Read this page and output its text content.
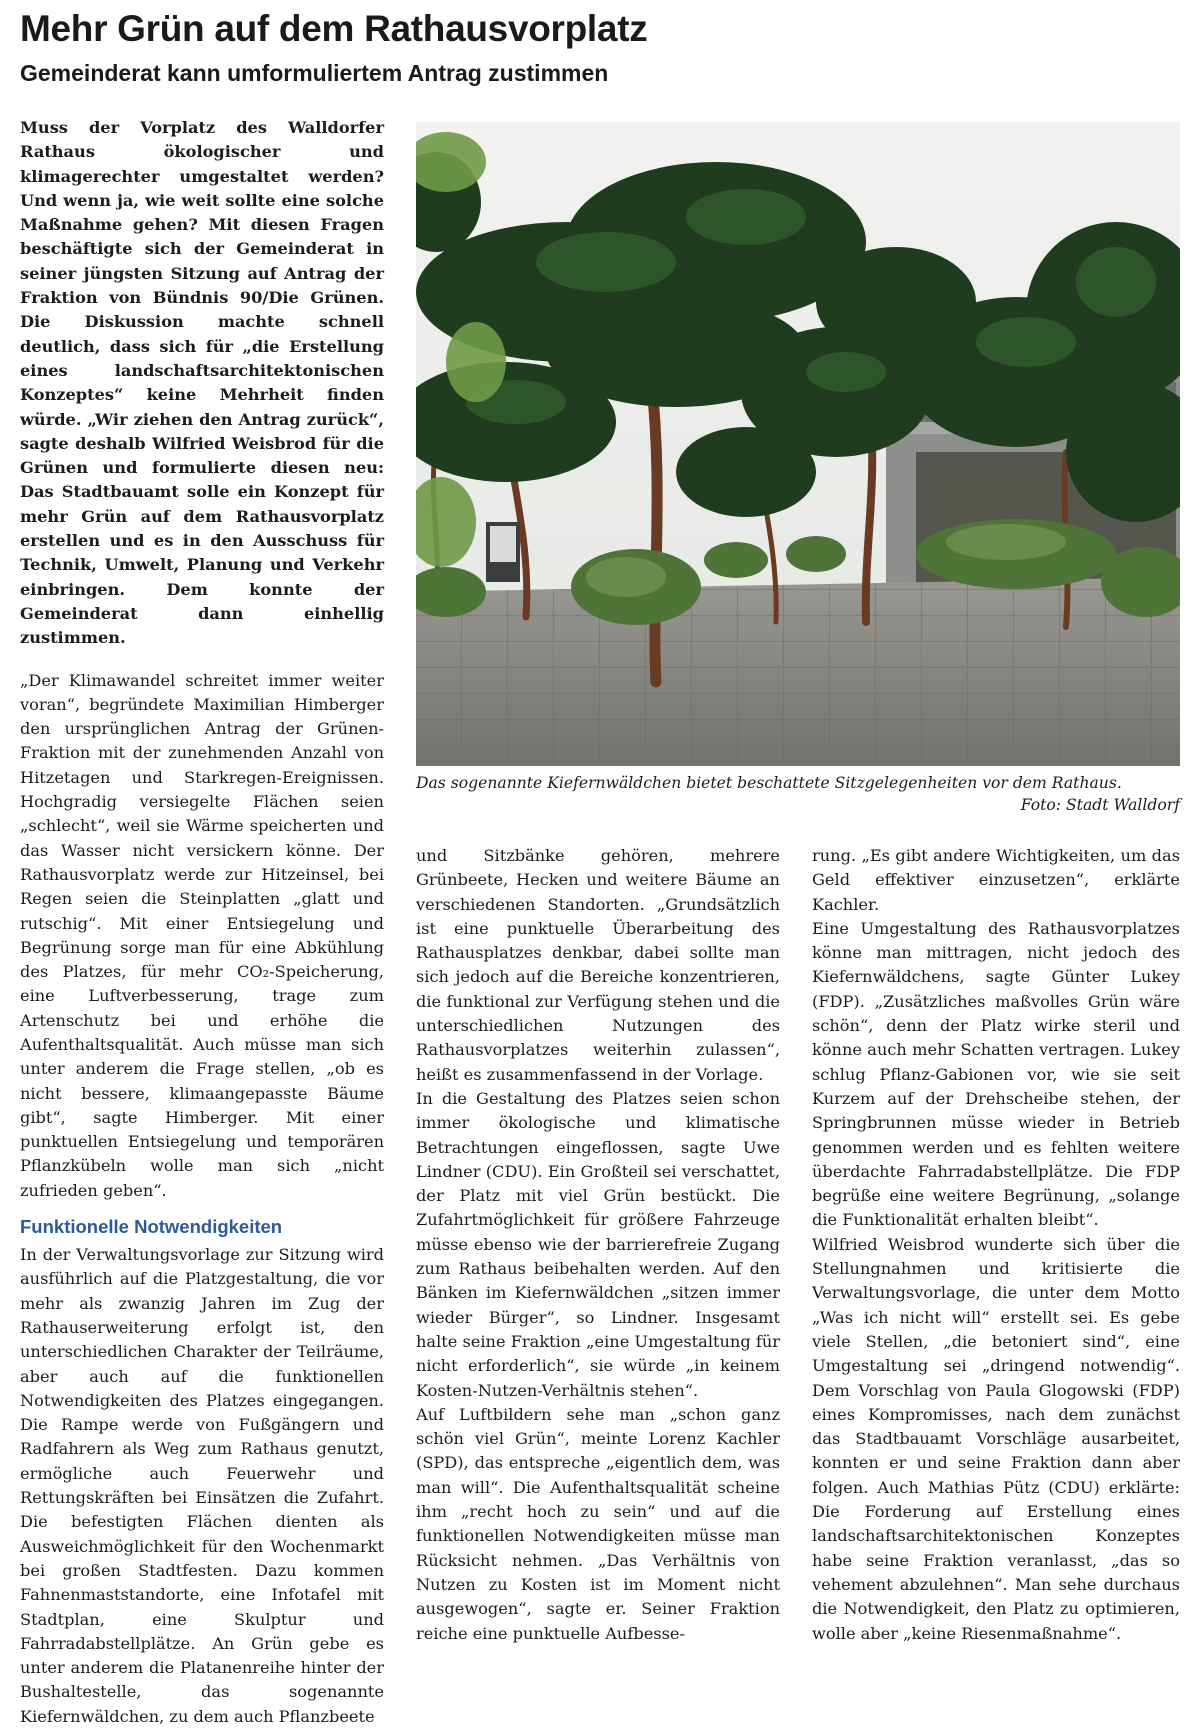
Mehr Grün auf dem Rathausvorplatz
Gemeinderat kann umformuliertem Antrag zustimmen

Muss der Vorplatz des Walldorfer Rathaus ökologischer und klimagerechter umgestaltet werden? Und wenn ja, wie weit sollte eine solche Maßnahme gehen? Mit diesen Fragen beschäftigte sich der Gemeinderat in seiner jüngsten Sitzung auf Antrag der Fraktion von Bündnis 90/Die Grünen. Die Diskussion machte schnell deutlich, dass sich für „die Erstellung eines landschaftsarchitektonischen Konzeptes“ keine Mehrheit finden würde. „Wir ziehen den Antrag zurück“, sagte deshalb Wilfried Weisbrod für die Grünen und formulierte diesen neu: Das Stadtbauamt solle ein Konzept für mehr Grün auf dem Rathausvorplatz erstellen und es in den Ausschuss für Technik, Umwelt, Planung und Verkehr einbringen. Dem konnte der Gemeinderat dann einhellig zustimmen.

„Der Klimawandel schreitet immer weiter voran“, begründete Maximilian Himberger den ursprünglichen Antrag der Grünen-Fraktion mit der zunehmenden Anzahl von Hitzetagen und Starkregen-Ereignissen. Hochgradig versiegelte Flächen seien „schlecht“, weil sie Wärme speicherten und das Wasser nicht versickern könne. Der Rathausvorplatz werde zur Hitzeinsel, bei Regen seien die Steinplatten „glatt und rutschig“. Mit einer Entsiegelung und Begrünung sorge man für eine Abkühlung des Platzes, für mehr CO₂-Speicherung, eine Luftverbesserung, trage zum Artenschutz bei und erhöhe die Aufenthaltsqualität. Auch müsse man sich unter anderem die Frage stellen, „ob es nicht bessere, klimaangepasste Bäume gibt“, sagte Himberger. Mit einer punktuellen Entsiegelung und temporären Pflanzkübeln wolle man sich „nicht zufrieden geben“.

Funktionelle Notwendigkeiten

In der Verwaltungsvorlage zur Sitzung wird ausführlich auf die Platzgestaltung, die vor mehr als zwanzig Jahren im Zug der Rathauserweiterung erfolgt ist, den unterschiedlichen Charakter der Teilräume, aber auch auf die funktionellen Notwendigkeiten des Platzes eingegangen. Die Rampe werde von Fußgängern und Radfahrern als Weg zum Rathaus genutzt, ermögliche auch Feuerwehr und Rettungskräften bei Einsätzen die Zufahrt. Die befestigten Flächen dienten als Ausweichmöglichkeit für den Wochenmarkt bei großen Stadtfesten. Dazu kommen Fahnenmaststandorte, eine Infotafel mit Stadtplan, eine Skulptur und Fahrradabstellplätze. An Grün gebe es unter anderem die Platanenreihe hinter der Bushaltestelle, das sogenannte Kiefernwäldchen, zu dem auch Pflanzbeete

Das sogenannte Kiefernwäldchen bietet beschattete Sitzgelegenheiten vor dem Rathaus.
Foto: Stadt Walldorf

und Sitzbänke gehören, mehrere Grünbeete, Hecken und weitere Bäume an verschiedenen Standorten. „Grundsätzlich ist eine punktuelle Überarbeitung des Rathausplatzes denkbar, dabei sollte man sich jedoch auf die Bereiche konzentrieren, die funktional zur Verfügung stehen und die unterschiedlichen Nutzungen des Rathausvorplatzes weiterhin zulassen“, heißt es zusammenfassend in der Vorlage.

In die Gestaltung des Platzes seien schon immer ökologische und klimatische Betrachtungen eingeflossen, sagte Uwe Lindner (CDU). Ein Großteil sei verschattet, der Platz mit viel Grün bestückt. Die Zufahrtmöglichkeit für größere Fahrzeuge müsse ebenso wie der barrierefreie Zugang zum Rathaus beibehalten werden. Auf den Bänken im Kiefernwäldchen „sitzen immer wieder Bürger“, so Lindner. Insgesamt halte seine Fraktion „eine Umgestaltung für nicht erforderlich“, sie würde „in keinem Kosten-Nutzen-Verhältnis stehen“.

Auf Luftbildern sehe man „schon ganz schön viel Grün“, meinte Lorenz Kachler (SPD), das entspreche „eigentlich dem, was man will“. Die Aufenthaltsqualität scheine ihm „recht hoch zu sein“ und auf die funktionellen Notwendigkeiten müsse man Rücksicht nehmen. „Das Verhältnis von Nutzen zu Kosten ist im Moment nicht ausgewogen“, sagte er. Seiner Fraktion reiche eine punktuelle Aufbesse-

rung. „Es gibt andere Wichtigkeiten, um das Geld effektiver einzusetzen“, erklärte Kachler.

Eine Umgestaltung des Rathausvorplatzes könne man mittragen, nicht jedoch des Kiefernwäldchens, sagte Günter Lukey (FDP). „Zusätzliches maßvolles Grün wäre schön“, denn der Platz wirke steril und könne auch mehr Schatten vertragen. Lukey schlug Pflanz-Gabionen vor, wie sie seit Kurzem auf der Drehscheibe stehen, der Springbrunnen müsse wieder in Betrieb genommen werden und es fehlten weitere überdachte Fahrradabstellplätze. Die FDP begrüße eine weitere Begrünung, „solange die Funktionalität erhalten bleibt“.

Wilfried Weisbrod wunderte sich über die Stellungnahmen und kritisierte die Verwaltungsvorlage, die unter dem Motto „Was ich nicht will“ erstellt sei. Es gebe viele Stellen, „die betoniert sind“, eine Umgestaltung sei „dringend notwendig“. Dem Vorschlag von Paula Glogowski (FDP) eines Kompromisses, nach dem zunächst das Stadtbauamt Vorschläge ausarbeitet, konnten er und seine Fraktion dann aber folgen. Auch Mathias Pütz (CDU) erklärte: Die Forderung auf Erstellung eines landschaftsarchitektonischen Konzeptes habe seine Fraktion veranlasst, „das so vehement abzulehnen“. Man sehe durchaus die Notwendigkeit, den Platz zu optimieren, wolle aber „keine Riesenmaßnahme“.
